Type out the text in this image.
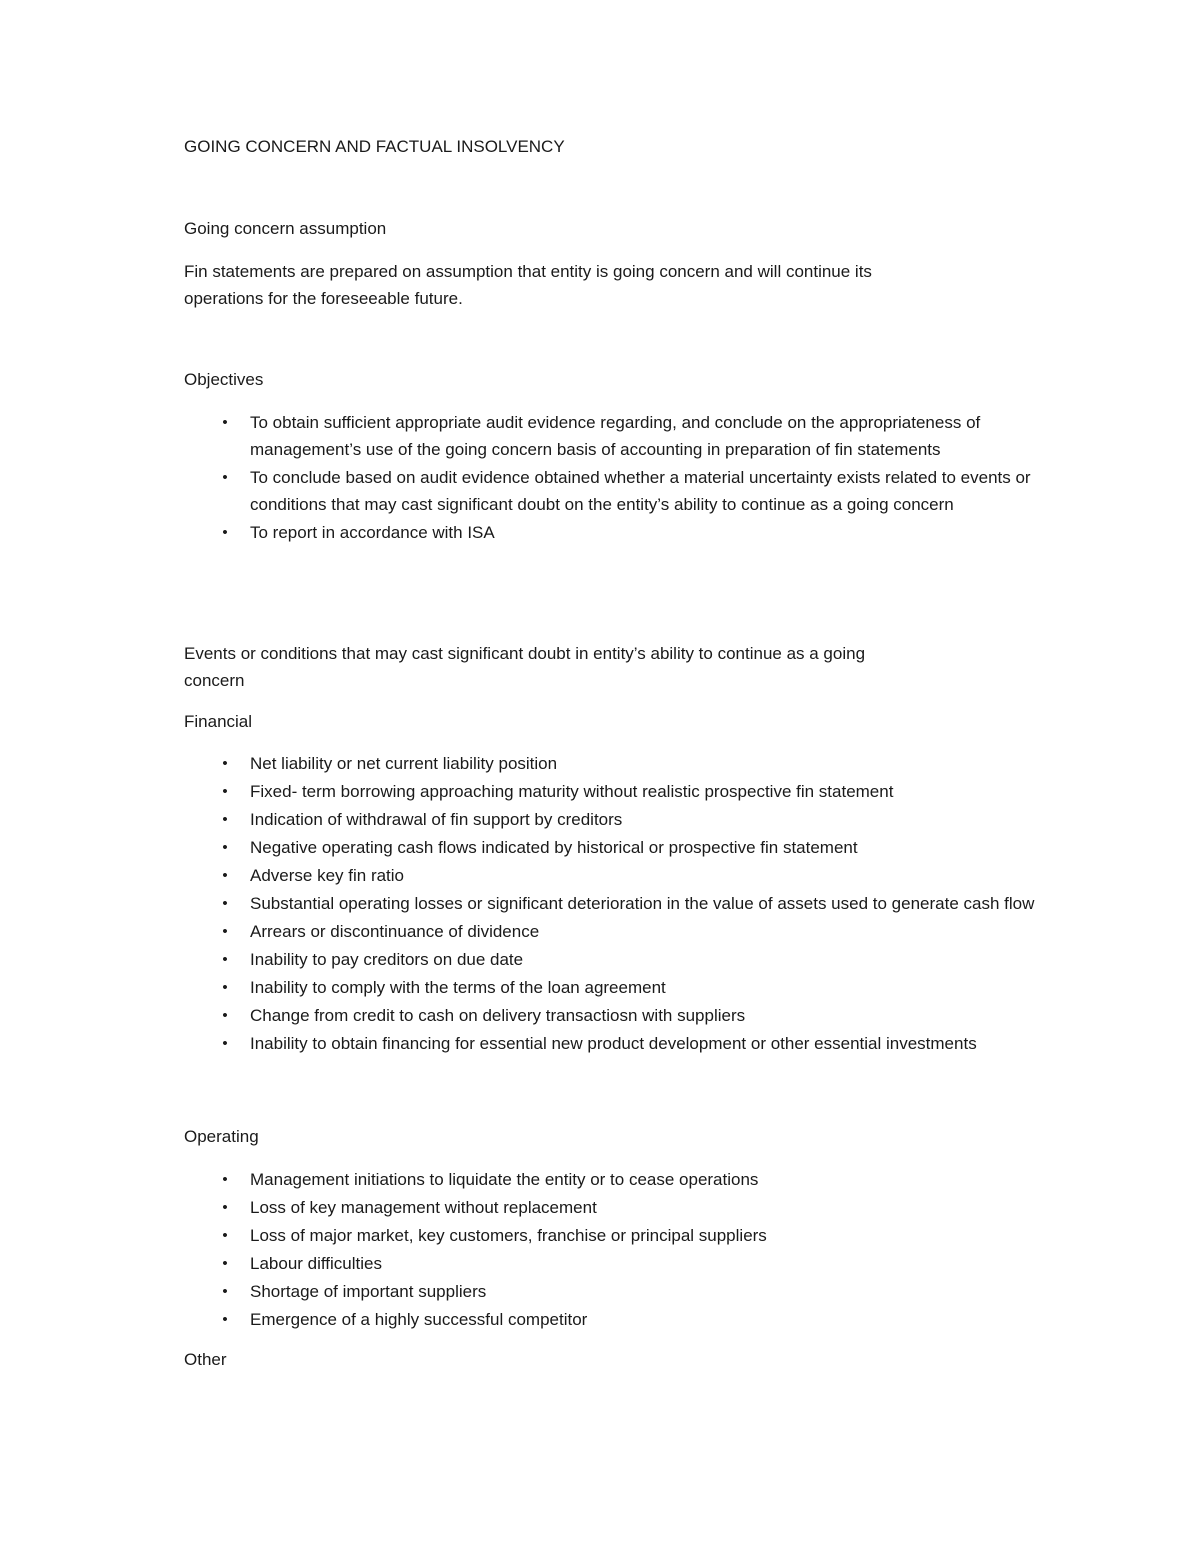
GOING CONCERN AND FACTUAL INSOLVENCY

Going concern assumption

Fin statements are prepared on assumption that entity is going concern and will continue its

operations for the foreseeable future.

Objectives

•	To obtain sufficient appropriate audit evidence regarding, and conclude on the appropriateness of management’s use of the going concern basis of accounting in preparation of fin statements
•	To conclude based on audit evidence obtained whether a material uncertainty exists related to events or conditions that may cast significant doubt on the entity’s ability to continue as a going concern
•	To report in accordance with ISA

Events or conditions that may cast significant doubt in entity’s ability to continue as a going

concern

Financial

•	Net liability or net current liability position
•	Fixed- term borrowing approaching maturity without realistic prospective fin statement
•	Indication of withdrawal of fin support by creditors
•	Negative operating cash flows indicated by historical or prospective fin statement
•	Adverse key fin ratio
•	Substantial operating losses or significant deterioration in the value of assets used to generate cash flow
•	Arrears or discontinuance of dividence
•	Inability to pay creditors on due date
•	Inability to comply with the terms of the loan agreement
•	Change from credit to cash on delivery transactiosn with suppliers
•	Inability to obtain financing for essential new product development or other essential investments

Operating

•	Management initiations to liquidate the entity or to cease operations
•	Loss of key management without replacement
•	Loss of major market, key customers, franchise or principal suppliers
•	Labour difficulties
•	Shortage of important suppliers
•	Emergence of a highly successful competitor

Other
